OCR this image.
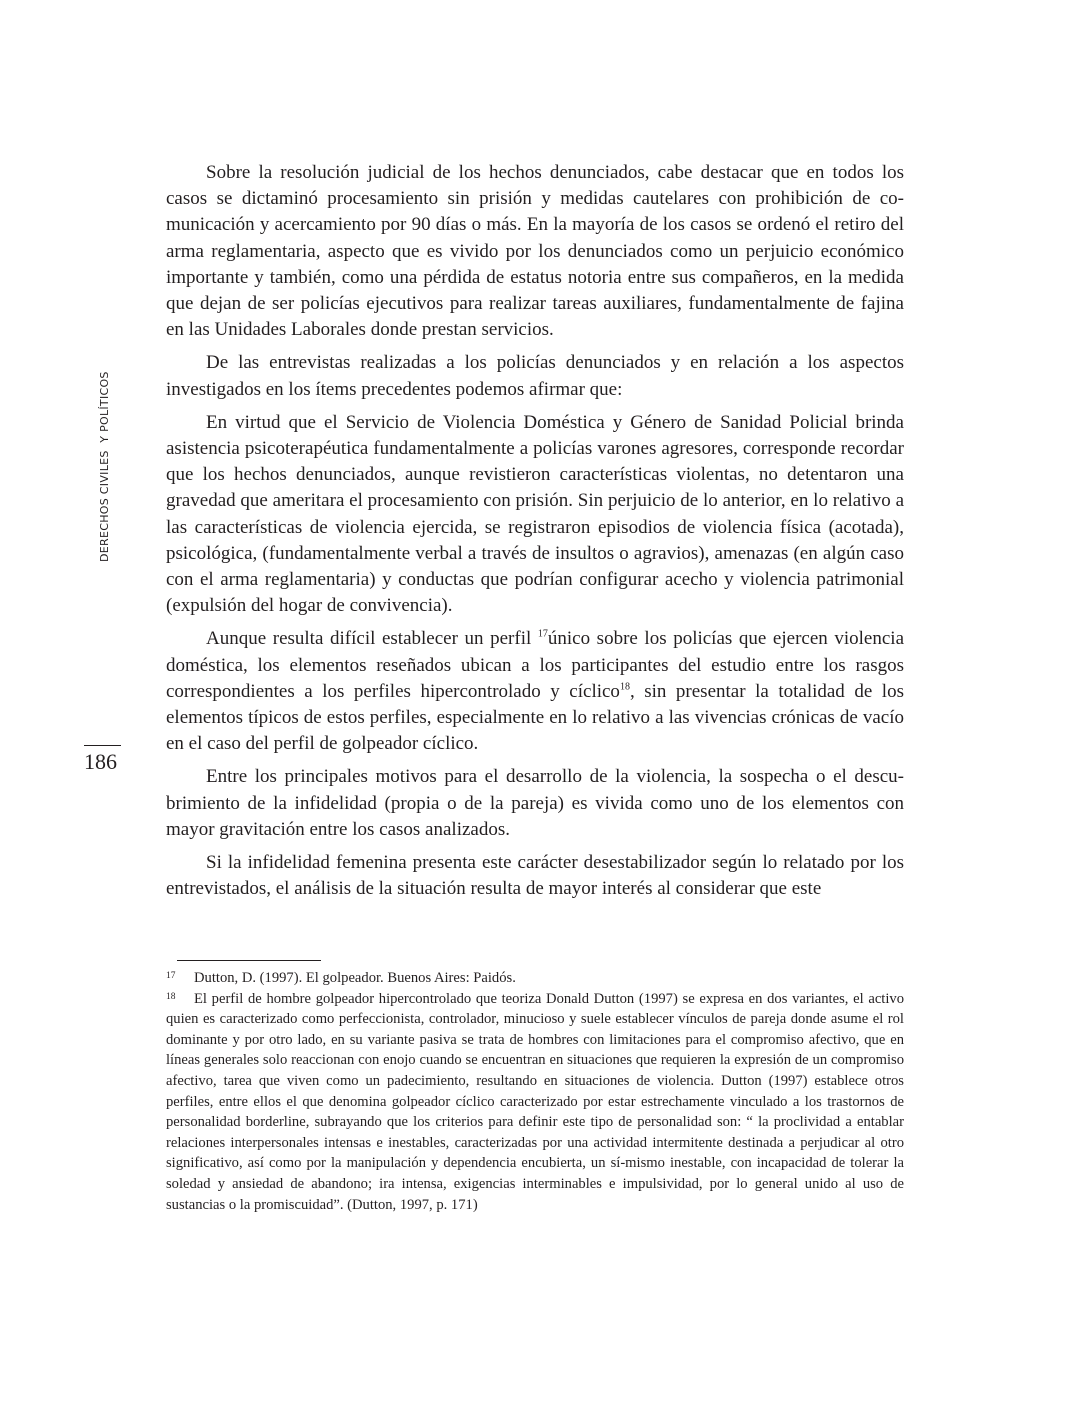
DERECHOS CIVILES  Y POLÍTICOS
186

Sobre la resolución judicial de los hechos denunciados, cabe destacar que en todos los casos se dictaminó procesamiento sin prisión y medidas cautelares con prohibición de comunicación y acercamiento por 90 días o más. En la mayoría de los casos se ordenó el retiro del arma reglamentaria, aspecto que es vivido por los denunciados como un perjuicio económico importante y también, como una pérdida de estatus notoria entre sus compañeros, en la medida que dejan de ser policías ejecutivos para realizar tareas auxiliares, fundamentalmente de fajina en las Unidades Laborales donde prestan servicios.

De las entrevistas realizadas a los policías denunciados y en relación a los aspectos investigados en los ítems precedentes podemos afirmar que:

En virtud que el Servicio de Violencia Doméstica y Género de Sanidad Policial brinda asistencia psicoterapéutica fundamentalmente a policías varones agresores, corresponde recordar que los hechos denunciados, aunque revistieron características violentas, no detentaron una gravedad que ameritara el procesamiento con prisión. Sin perjuicio de lo anterior, en lo relativo a las características de violencia ejercida, se registraron episodios de violencia física (acotada), psicológica, (fundamentalmente verbal a través de insultos o agravios), amenazas (en algún caso con el arma reglamentaria) y conductas que podrían configurar acecho y violencia patrimonial (expulsión del hogar de convivencia).

Aunque resulta difícil establecer un perfil $^{17}$único sobre los policías que ejercen violencia doméstica, los elementos reseñados ubican a los participantes del estudio entre los rasgos correspondientes a los perfiles hipercontrolado y cíclico$^{18}$, sin presentar la totalidad de los elementos típicos de estos perfiles, especialmente en lo relativo a las vivencias crónicas de vacío en el caso del perfil de golpeador cíclico.

Entre los principales motivos para el desarrollo de la violencia, la sospecha o el descubrimiento de la infidelidad (propia o de la pareja) es vivida como uno de los elementos con mayor gravitación entre los casos analizados.

Si la infidelidad femenina presenta este carácter desestabilizador según lo relatado por los entrevistados, el análisis de la situación resulta de mayor interés al considerar que este

17 Dutton, D. (1997). El golpeador. Buenos Aires: Paidós.
18 El perfil de hombre golpeador hipercontrolado que teoriza Donald Dutton (1997) se expresa en dos variantes, el activo quien es caracterizado como perfeccionista, controlador, minucioso y suele establecer vínculos de pareja donde asume el rol dominante y por otro lado, en su variante pasiva se trata de hombres con limitaciones para el compromiso afectivo, que en líneas generales solo reaccionan con enojo cuando se encuentran en situaciones que requieren la expresión de un compromiso afectivo, tarea que viven como un padecimiento, resultando en situaciones de violencia. Dutton (1997) establece otros perfiles, entre ellos el que denomina golpeador cíclico caracterizado por estar estrechamente vinculado a los trastornos de personalidad borderline, subrayando que los criterios para definir este tipo de personalidad son: “ la proclividad a entablar relaciones interpersonales intensas e inestables, caracterizadas por una actividad intermitente destinada a perjudicar al otro significativo, así como por la manipulación y dependencia encubierta, un sí-mismo inestable, con incapacidad de tolerar la soledad y ansiedad de abandono; ira intensa, exigencias interminables e impulsividad, por lo general unido al uso de sustancias o la promiscuidad”. (Dutton, 1997, p. 171)
